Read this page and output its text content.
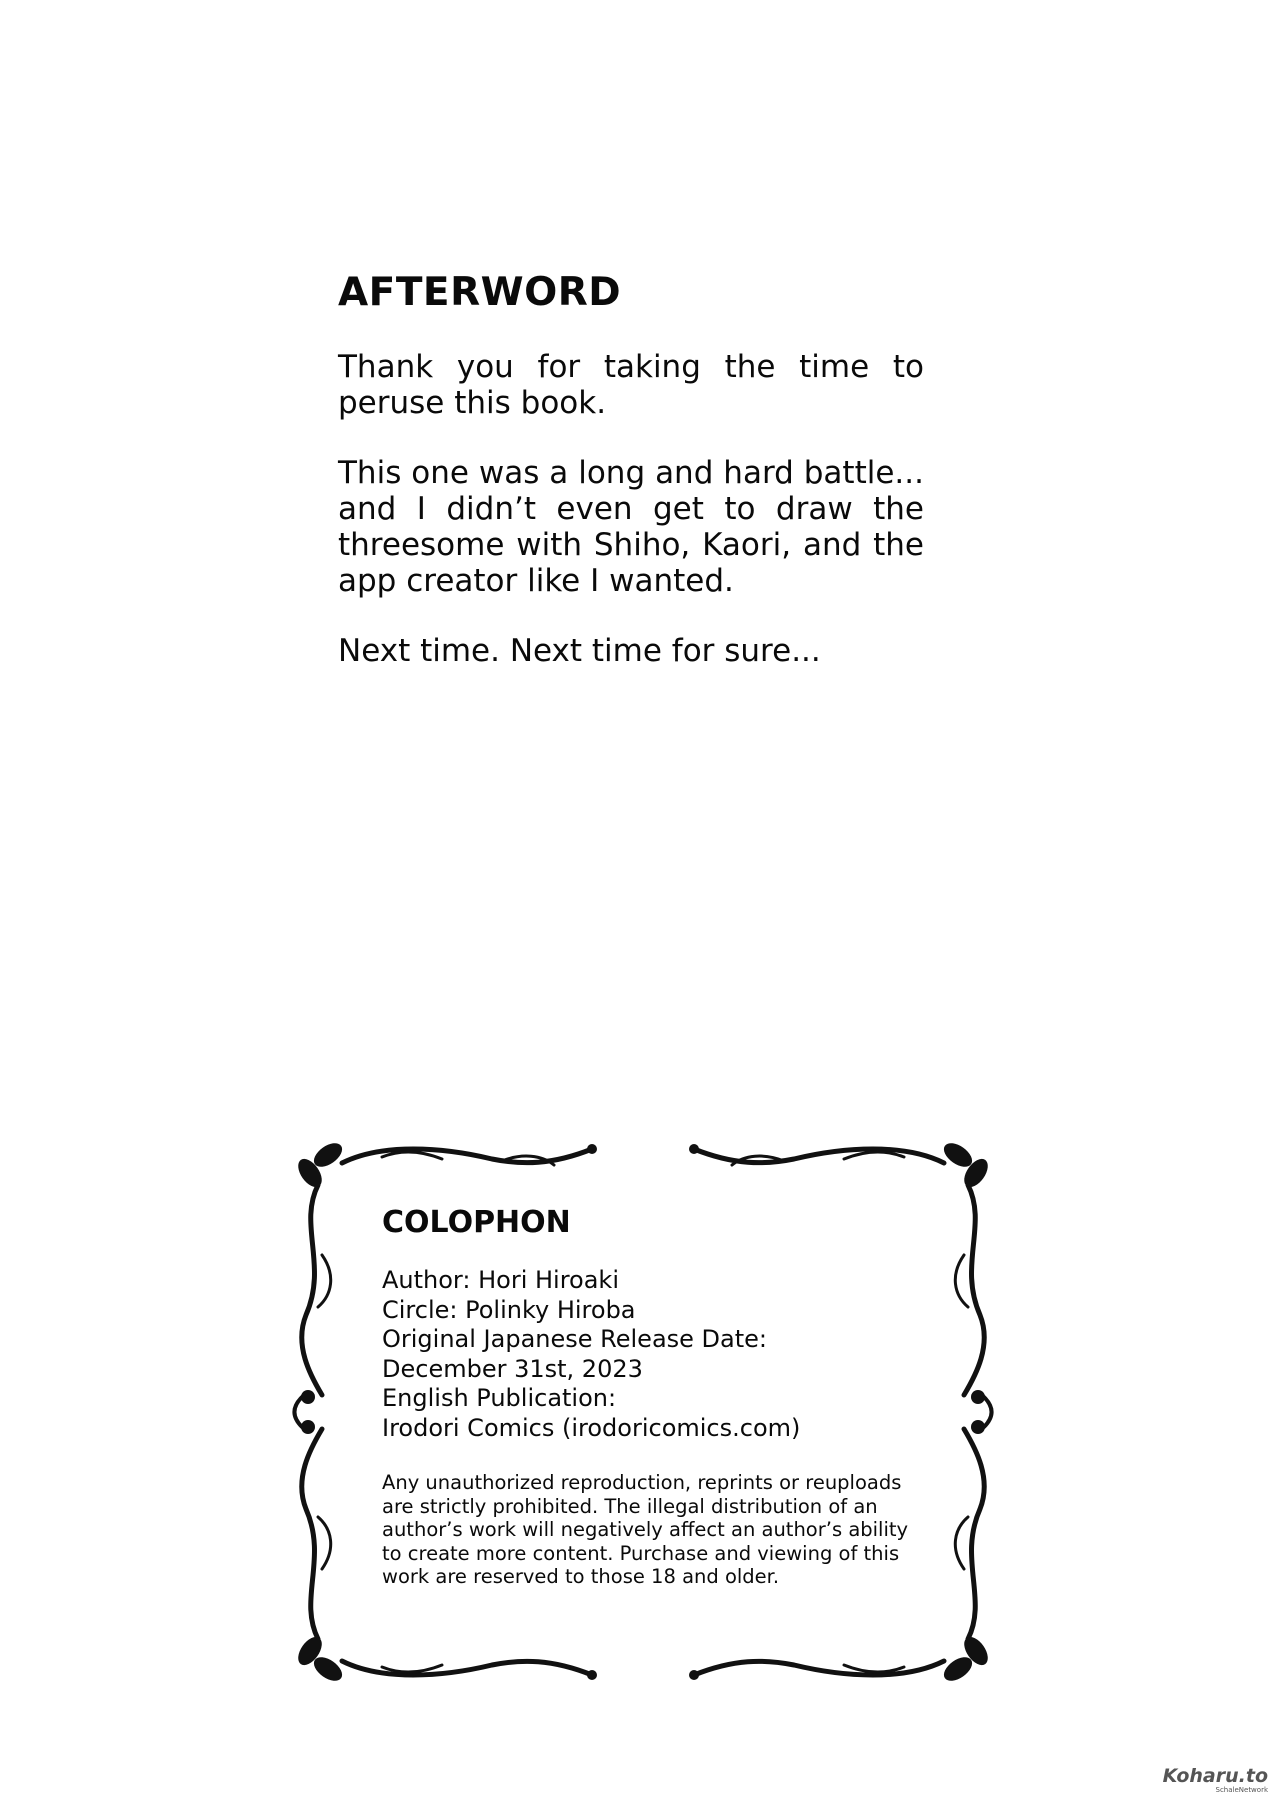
AFTERWORD

Thank you for taking the time to peruse this book.

This one was a long and hard battle... and I didn’t even get to draw the threesome with Shiho, Kaori, and the app creator like I wanted.

Next time. Next time for sure...

COLOPHON
Author: Hori Hiroaki
Circle: Polinky Hiroba
Original Japanese Release Date:
December 31st, 2023
English Publication:
Irodori Comics (irodoricomics.com)
Any unauthorized reproduction, reprints or reuploads are strictly prohibited. The illegal distribution of an author’s work will negatively affect an author’s ability to create more content. Purchase and viewing of this work are reserved to those 18 and older.
Koharu.to
SchaleNetwork
